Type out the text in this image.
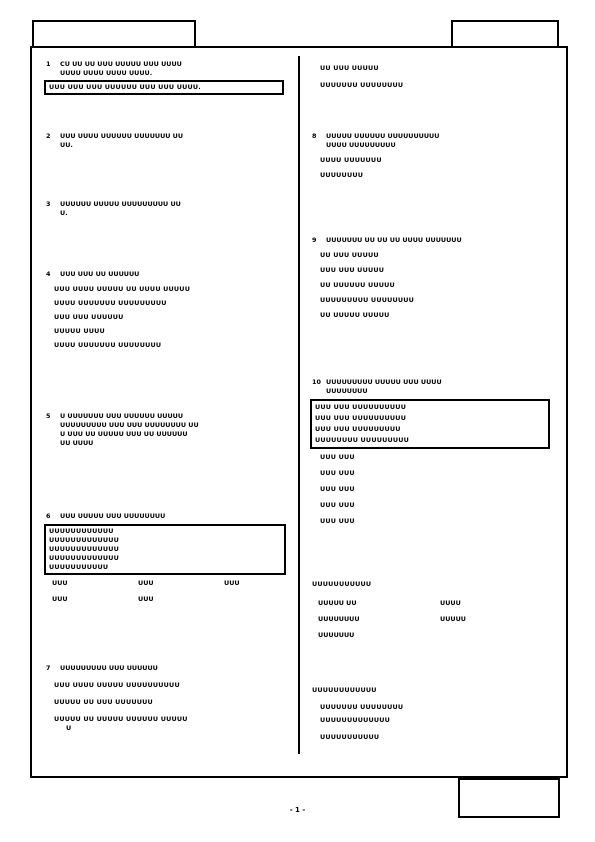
1 CU UU UU UUU UUUUU UUU UUUU
UUUU UUUU UUUU UUUU.
UUU UUU UUU UUUUUU UUU UUU UUUU.
2 UUU UUUU UUUUUU UUUUUUU UU
UU.
3 UUUUUU UUUUU UUUUUUUUU UU
U.
4 UUU UUU UU UUUUUU
UUU UUUU UUUUU UU UUUU UUUUU
UUUU UUUUUUU UUUUUUUUU
UUU UUU UUUUUU
UUUUU UUUU
UUUU UUUUUUU UUUUUUUU
5 U UUUUUUU UUU UUUUUU UUUUU
UUUUUUUUU UUU UUU UUUUUUUU UU
U UUU UU UUUUU UUU UU UUUUUU
UU UUUU
6 UUU UUUUU UUU UUUUUUUU
UUUUUUUUUUUU
UUUUUUUUUUUUU
UUUUUUUUUUUUU
UUUUUUUUUUUUU
UUUUUUUUUUU
UUU	UUU	UUU
UUU	UUU
7 UUUUUUUUU UUU UUUUUU
UUU UUUU UUUUU UUUUUUUUUU
UUUUU UU UUU UUUUUUU
UUUUU UU UUUUU UUUUUU UUUUU
U
UU UUU UUUUU
UUUUUUU UUUUUUUU
8 UUUUU UUUUUU UUUUUUUUUU
UUUU UUUUUUUUU
UUUU UUUUUUU
UUUUUUUU
9 UUUUUUU UU UU UU UUUU UUUUUUU
UU UUU UUUUU
UUU UUU UUUUU
UU UUUUUU UUUUU
UUUUUUUUU UUUUUUUU
UU UUUUU UUUUU
10 UUUUUUUUU UUUUU UUU UUUU
UUUUUUUU
UUU UUU UUUUUUUUUU
UUU UUU UUUUUUUUUU
UUU UUU UUUUUUUUU
UUUUUUUU UUUUUUUUU
UUU UUU
UUU UUU
UUU UUU
UUU UUU
UUU UUU
UUUUUUUUUUU
UUUUU UU	UUUU
UUUUUUUU	UUUUU
UUUUUUU
UUUUUUUUUUUU
UUUUUUU UUUUUUUU
UUUUUUUUUUUUU
UUUUUUUUUUU
- 1 -
